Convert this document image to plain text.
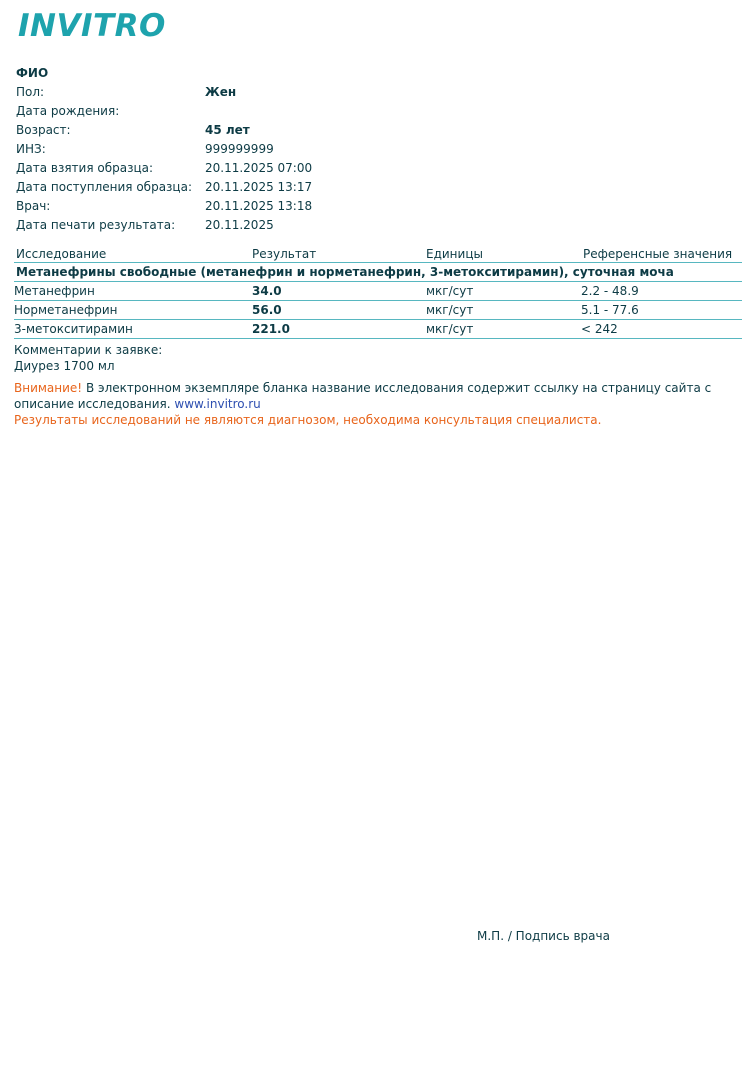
INVITRO
ФИО
Пол:	Жен
Дата рождения:
Возраст:	45 лет
ИНЗ:	999999999
Дата взятия образца:	20.11.2025 07:00
Дата поступления образца: 20.11.2025 13:17
Врач:	20.11.2025 13:18
Дата печати результата: 20.11.2025
Исследование	Результат	Единицы	Референсные значения
Метанефрины свободные (метанефрин и норметанефрин, 3-метокситирамин), суточная моча
Метанефрин	34.0	мкг/сут	2.2 - 48.9
Норметанефрин	56.0	мкг/сут	5.1 - 77.6
3-метокситирамин	221.0	мкг/сут	< 242
Комментарии к заявке:
Диурез 1700 мл
Внимание! В электронном экземпляре бланка название исследования содержит ссылку на страницу сайта с описание исследования. www.invitro.ru
Результаты исследований не являются диагнозом, необходима консультация специалиста.
М.П. / Подпись врача
